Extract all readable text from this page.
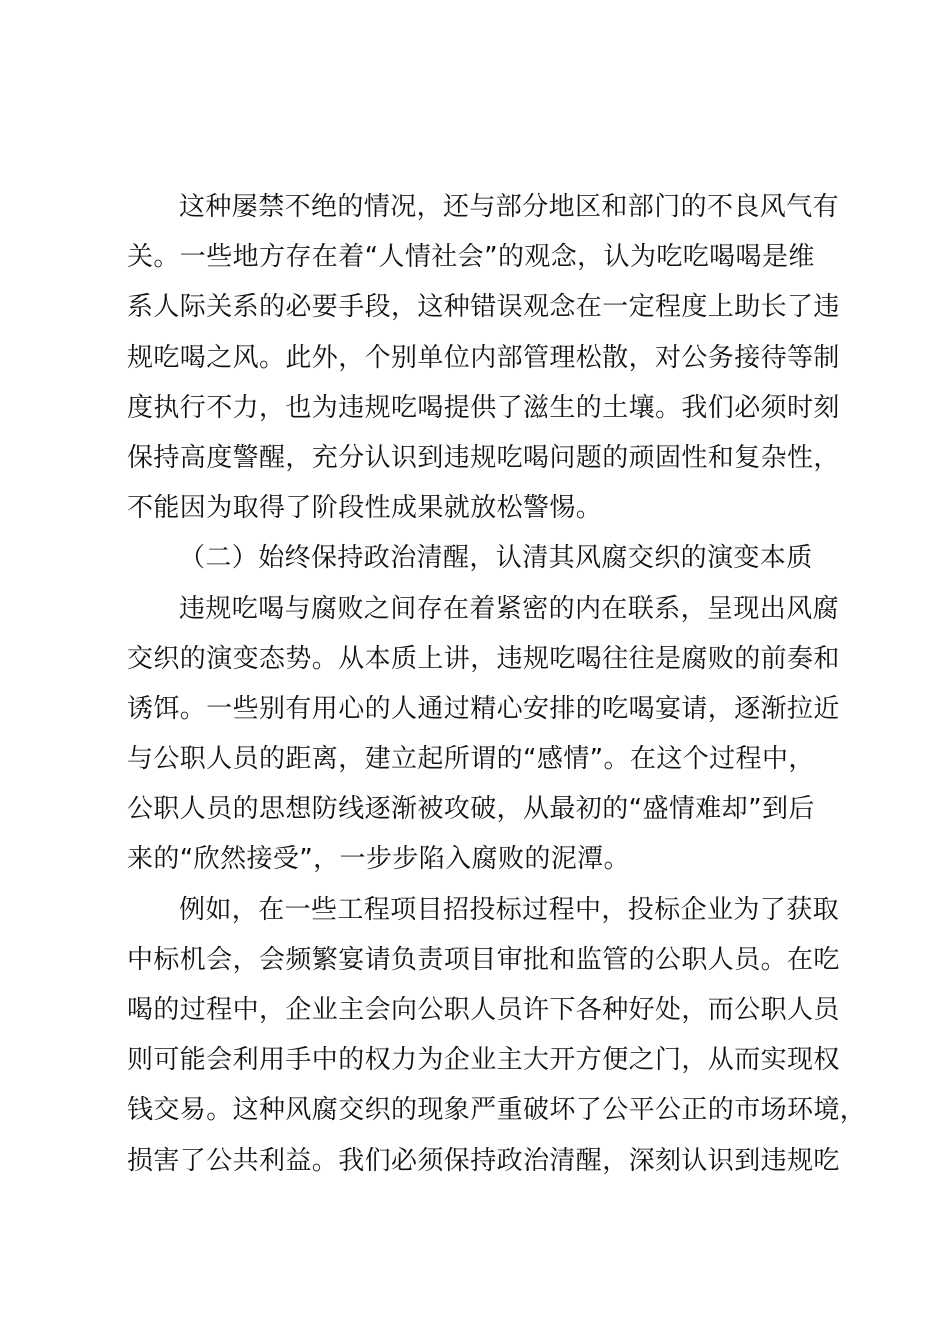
这种屡禁不绝的情况，还与部分地区和部门的不良风气有
关。一些地方存在着“人情社会”的观念，认为吃吃喝喝是维
系人际关系的必要手段，这种错误观念在一定程度上助长了违
规吃喝之风。此外，个别单位内部管理松散，对公务接待等制
度执行不力，也为违规吃喝提供了滋生的土壤。我们必须时刻
保持高度警醒，充分认识到违规吃喝问题的顽固性和复杂性，
不能因为取得了阶段性成果就放松警惕。
（二）始终保持政治清醒，认清其风腐交织的演变本质
违规吃喝与腐败之间存在着紧密的内在联系，呈现出风腐
交织的演变态势。从本质上讲，违规吃喝往往是腐败的前奏和
诱饵。一些别有用心的人通过精心安排的吃喝宴请，逐渐拉近
与公职人员的距离，建立起所谓的“感情”。在这个过程中，
公职人员的思想防线逐渐被攻破，从最初的“盛情难却”到后
来的“欣然接受”，一步步陷入腐败的泥潭。
例如，在一些工程项目招投标过程中，投标企业为了获取
中标机会，会频繁宴请负责项目审批和监管的公职人员。在吃
喝的过程中，企业主会向公职人员许下各种好处，而公职人员
则可能会利用手中的权力为企业主大开方便之门，从而实现权
钱交易。这种风腐交织的现象严重破坏了公平公正的市场环境，
损害了公共利益。我们必须保持政治清醒，深刻认识到违规吃
